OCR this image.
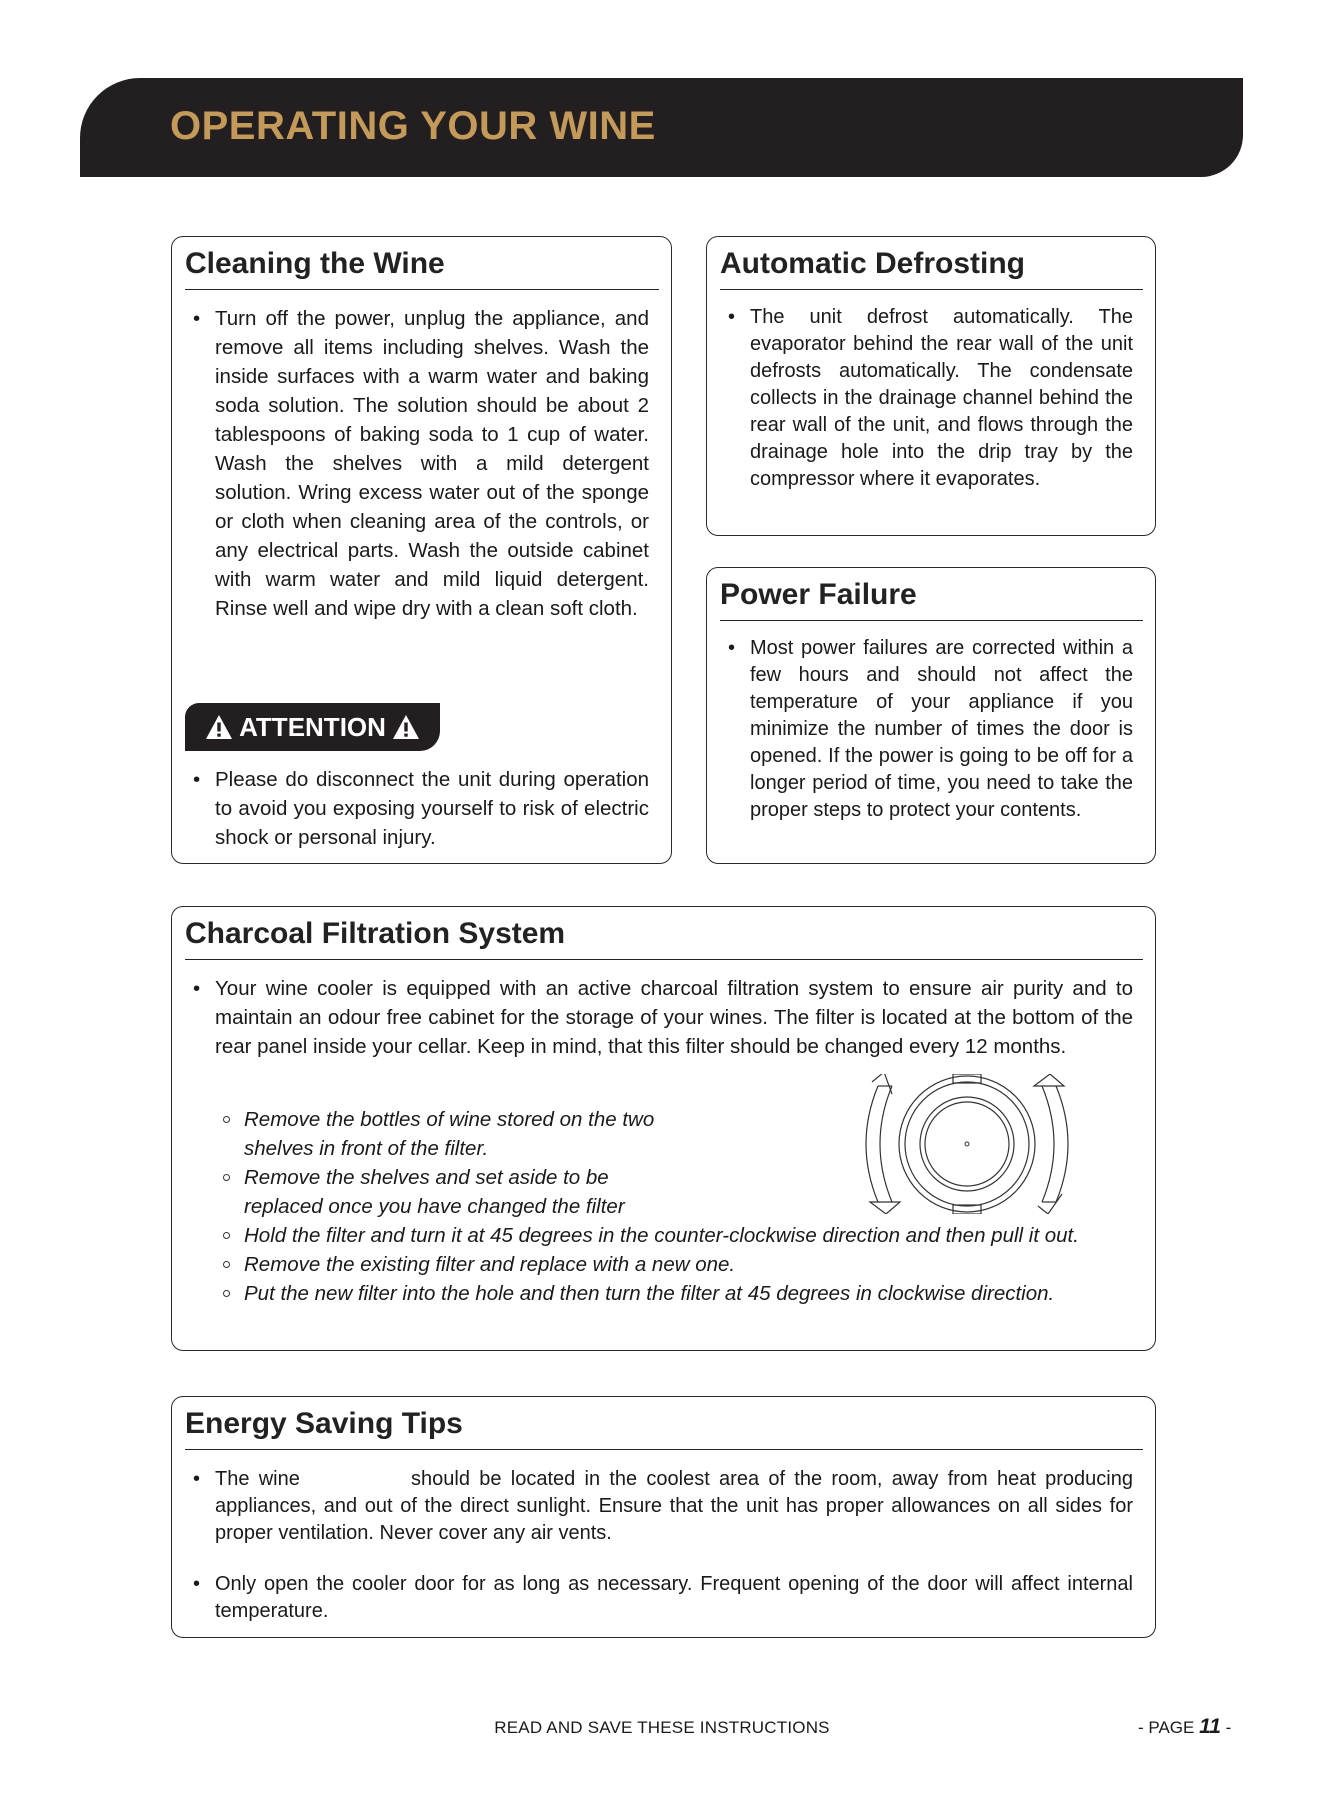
OPERATING YOUR WINE
Cleaning the Wine
• Turn off the power, unplug the appliance, and remove all items including shelves. Wash the inside surfaces with a warm water and baking soda solution. The solution should be about 2 tablespoons of baking soda to 1 cup of water. Wash the shelves with a mild detergent solution. Wring excess water out of the sponge or cloth when cleaning area of the controls, or any electrical parts. Wash the outside cabinet with warm water and mild liquid detergent. Rinse well and wipe dry with a clean soft cloth.
ATTENTION
• Please do disconnect the unit during operation to avoid you exposing yourself to risk of electric shock or personal injury.
Automatic Defrosting
• The unit defrost automatically. The evaporator behind the rear wall of the unit defrosts automatically. The condensate collects in the drainage channel behind the rear wall of the unit, and flows through the drainage hole into the drip tray by the compressor where it evaporates.
Power Failure
• Most power failures are corrected within a few hours and should not affect the temperature of your appliance if you minimize the number of times the door is opened. If the power is going to be off for a longer period of time, you need to take the proper steps to protect your contents.
Charcoal Filtration System
• Your wine cooler is equipped with an active charcoal filtration system to ensure air purity and to maintain an odour free cabinet for the storage of your wines. The filter is located at the bottom of the rear panel inside your cellar. Keep in mind, that this filter should be changed every 12 months.
Remove the bottles of wine stored on the two shelves in front of the filter.
Remove the shelves and set aside to be replaced once you have changed the filter
Hold the filter and turn it at 45 degrees in the counter-clockwise direction and then pull it out.
Remove the existing filter and replace with a new one.
Put the new filter into the hole and then turn the filter at 45 degrees in clockwise direction.
Energy Saving Tips
• The wine            should be located in the coolest area of the room, away from heat producing appliances, and out of the direct sunlight. Ensure that the unit has proper allowances on all sides for proper ventilation. Never cover any air vents.
• Only open the cooler door for as long as necessary. Frequent opening of the door will affect internal temperature.
READ AND SAVE THESE INSTRUCTIONS	- PAGE 11 -
